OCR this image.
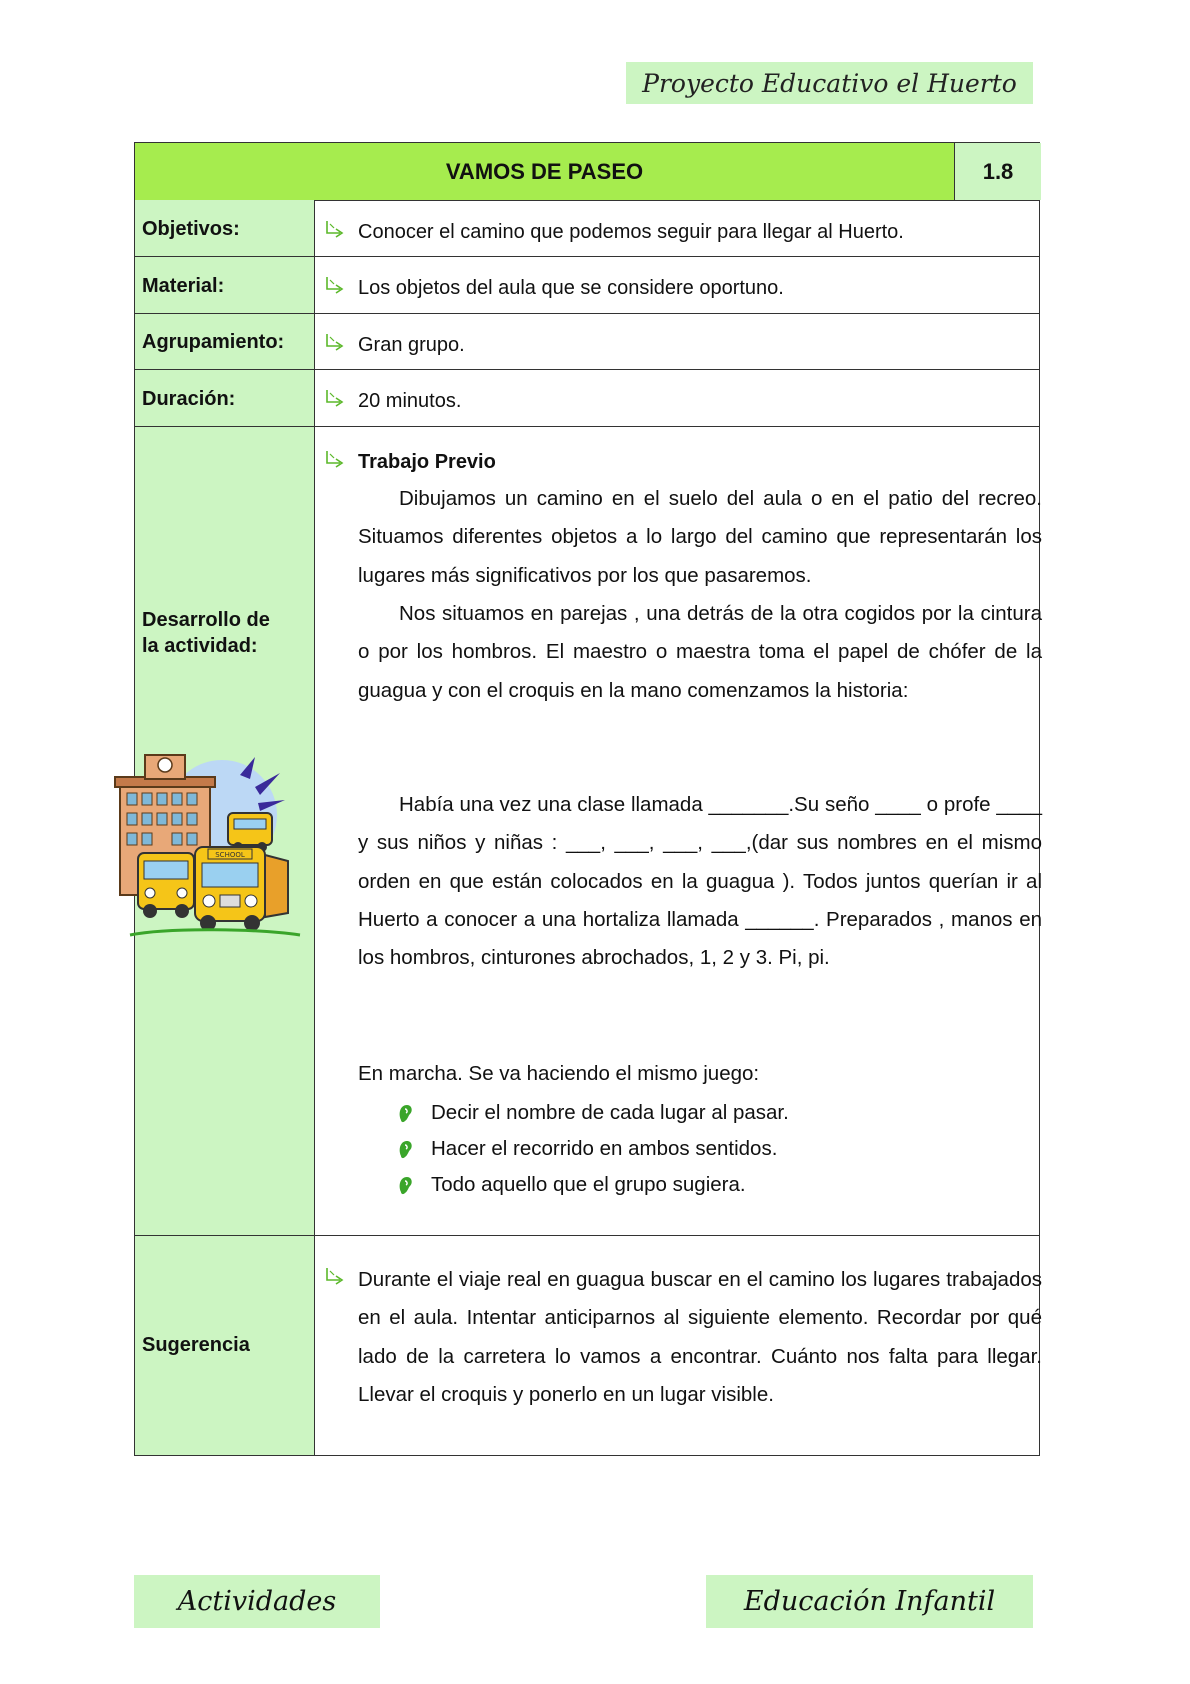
Proyecto Educativo el Huerto
VAMOS DE PASEO	1.8
Objetivos:
Material:
Agrupamiento:
Duración:
Desarrollo de
la actividad:
Sugerencia
Conocer el camino que podemos seguir para llegar al Huerto.
Los objetos del aula que se considere oportuno.
Gran grupo.
20 minutos.
Trabajo Previo
Dibujamos un camino en el suelo del aula o en el patio del recreo. Situamos diferentes objetos a lo largo del camino que representarán los lugares más significativos por los que pasaremos.
Nos situamos en parejas , una detrás de la otra cogidos por la cintura o por los hombros. El maestro o maestra toma el papel de chófer de la guagua y con el croquis en la mano comenzamos la historia:
Había una vez una clase llamada _______.Su seño ____ o profe ____ y sus niños y niñas : ___, ___, ___, ___,(dar sus nombres en el mismo orden en que están colocados en la guagua ). Todos juntos querían ir al Huerto a conocer a una hortaliza llamada ______. Preparados , manos en los hombros, cinturones abrochados, 1, 2 y 3. Pi, pi.
En marcha. Se va haciendo el mismo juego:
Decir el nombre de cada lugar al pasar.
Hacer el recorrido en ambos sentidos.
Todo aquello que el grupo sugiera.
Durante el viaje real en guagua buscar en el camino los lugares trabajados en el aula. Intentar anticiparnos al siguiente elemento. Recordar por qué lado de la carretera lo vamos a encontrar. Cuánto nos falta para llegar. Llevar el croquis y ponerlo en un lugar visible.
SCHOOL
Actividades	Educación Infantil
